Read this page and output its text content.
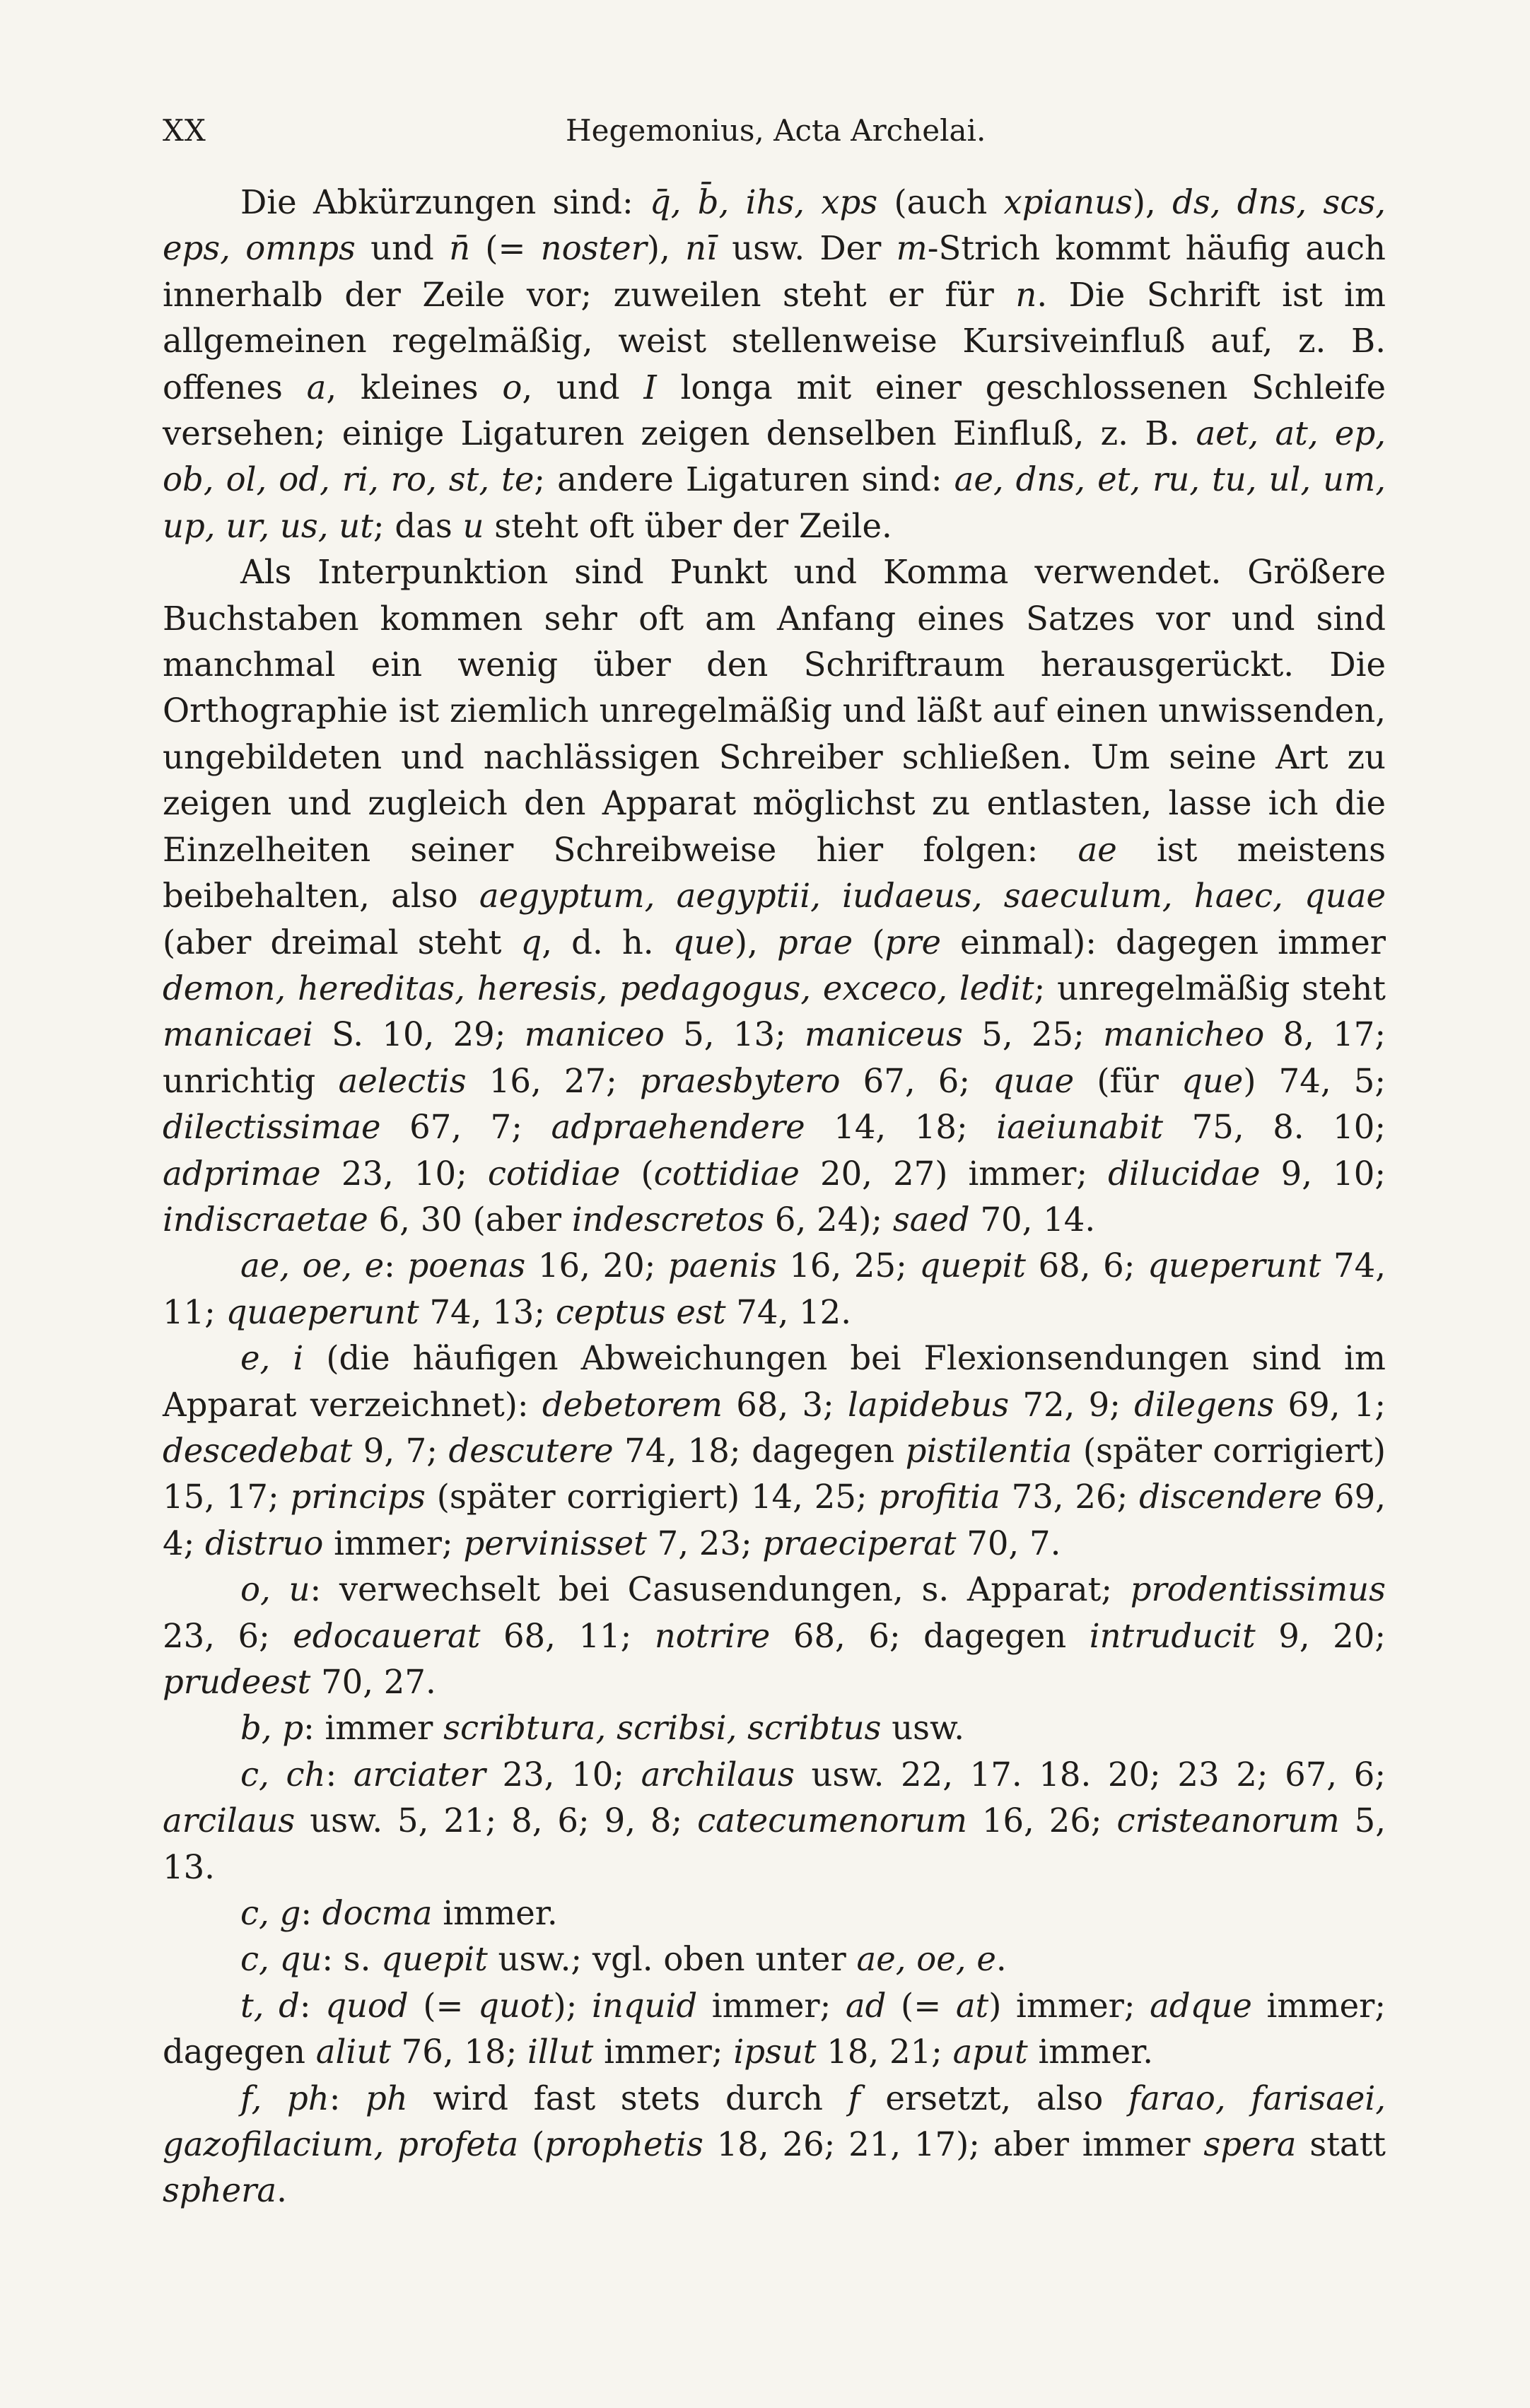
XX	Hegemonius, Acta Archelai.

Die Abkürzungen sind: q̄, b̄, ihs, xps (auch xpianus), ds, dns, scs, eps, omnps und n̄ (= noster), nī usw. Der m-Strich kommt häufig auch innerhalb der Zeile vor; zuweilen steht er für n. Die Schrift ist im allgemeinen regelmäßig, weist stellenweise Kursiveinfluß auf, z. B. offenes a, kleines o, und I longa mit einer geschlossenen Schleife versehen; einige Ligaturen zeigen denselben Einfluß, z. B. aet, at, ep, ob, ol, od, ri, ro, st, te; andere Ligaturen sind: ae, dns, et, ru, tu, ul, um, up, ur, us, ut; das u steht oft über der Zeile.

Als Interpunktion sind Punkt und Komma verwendet. Größere Buchstaben kommen sehr oft am Anfang eines Satzes vor und sind manchmal ein wenig über den Schriftraum herausgerückt. Die Orthographie ist ziemlich unregelmäßig und läßt auf einen unwissenden, ungebildeten und nachlässigen Schreiber schließen. Um seine Art zu zeigen und zugleich den Apparat möglichst zu entlasten, lasse ich die Einzelheiten seiner Schreibweise hier folgen: ae ist meistens beibehalten, also aegyptum, aegyptii, iudaeus, saeculum, haec, quae (aber dreimal steht q, d. h. que), prae (pre einmal): dagegen immer demon, hereditas, heresis, pedagogus, exceco, ledit; unregelmäßig steht manicaei S. 10, 29; maniceo 5, 13; maniceus 5, 25; manicheo 8, 17; unrichtig aelectis 16, 27; praesbytero 67, 6; quae (für que) 74, 5; dilectissimae 67, 7; adpraehendere 14, 18; iaeiunabit 75, 8. 10; adprimae 23, 10; cotidiae (cottidiae 20, 27) immer; dilucidae 9, 10; indiscraetae 6, 30 (aber indescretos 6, 24); saed 70, 14.

ae, oe, e: poenas 16, 20; paenis 16, 25; quepit 68, 6; queperunt 74, 11; quaeperunt 74, 13; ceptus est 74, 12.

e, i (die häufigen Abweichungen bei Flexionsendungen sind im Apparat verzeichnet): debetorem 68, 3; lapidebus 72, 9; dilegens 69, 1; descedebat 9, 7; descutere 74, 18; dagegen pistilentia (später corrigiert) 15, 17; princips (später corrigiert) 14, 25; profitia 73, 26; discendere 69, 4; distruo immer; pervinisset 7, 23; praeciperat 70, 7.

o, u: verwechselt bei Casusendungen, s. Apparat; prodentissimus 23, 6; edocauerat 68, 11; notrire 68, 6; dagegen intruducit 9, 20; prudeest 70, 27.

b, p: immer scribtura, scribsi, scribtus usw.

c, ch: arciater 23, 10; archilaus usw. 22, 17. 18. 20; 23 2; 67, 6; arcilaus usw. 5, 21; 8, 6; 9, 8; catecumenorum 16, 26; cristeanorum 5, 13.

c, g: docma immer.

c, qu: s. quepit usw.; vgl. oben unter ae, oe, e.

t, d: quod (= quot); inquid immer; ad (= at) immer; adque immer; dagegen aliut 76, 18; illut immer; ipsut 18, 21; aput immer.

f, ph: ph wird fast stets durch f ersetzt, also farao, farisaei, gazofilacium, profeta (prophetis 18, 26; 21, 17); aber immer spera statt sphera.
